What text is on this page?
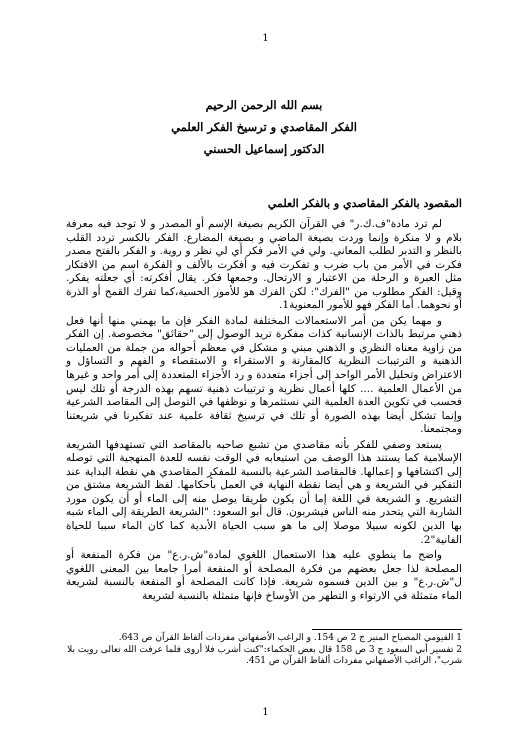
1
بسم الله الرحمن الرحيم
الفكر المقاصدي و ترسيخ الفكر العلمي
الدكتور إسماعيل الحسني
المقصود بالفكر المقاصدي و بالفكر العلمي

لم ترد مادة"ف.ك.ر" في القرآن الكريم بصيغة الإسم أو المصدر و لا توجد فيه معرفة بلام و لا منكرة وإنما وردت بصيغة الماضي و بصيغة المضارع. الفكر بالكسر تردد القلب بالنظر و التدبر لطلب المعاني. ولي في الأمر فكر أي لي نظر و روية. و الفكر بالفتح مصدر فكرت في الأمر من باب ضرب و تفكرت فيه و أفكرت بالألف و الفكرة اسم من الافتكار مثل العبرة و الرحلة من الاعتبار و الارتحال. وجمعها فكر. يقال أفكرته: أي جعلته يفكر. وقيل: الفكر مطلوب من "الفرك": لكن الفرك هو للأمور الحسية،كما تفرك القمح أو الذرة أو نحوهما. أما الفكر فهو للأمور المعنوية1.

و مهما يكن من أمر الاستعمالات المختلفة لمادة الفكر فإن ما يهمني منها أنها فعل ذهني مرتبط بالذات الإنسانية كذات مفكرة تريد الوصول إلى "حقائق" مخصوصة. إن الفكر من زاوية معناه النظري و الذهني مبني و مشكل في معظم أحواله من جملة من العمليات الذهنية و الترتيبات النظرية كالمقارنة و الاستقراء و الاستقصاء و الفهم و التساؤل و الاعتراض وتحليل الأمر الواحد إلى أجزاء متعددة و رد الأجزاء المتعددة إلى أمر واحد و غيرها من الأعمال العلمية .... كلها أعمال نظرية و ترتيبات ذهنية تسهم بهذه الدرجة أو تلك ليس فحسب في تكوين العدة العلمية التي نستثمرها و نوظفها في التوصل إلى المقاصد الشرعية وإنما تشكل أيضا بهذه الصورة أو تلك في ترسيخ ثقافة علمية عند تفكيرنا في شريعتنا ومجتمعنا.

يستعد وصفي للفكر بأنه مقاصدي من تشبع صاحبه بالمقاصد التي تستهدفها الشريعة الإسلامية كما يستند هذا الوصف من استيعابه في الوقت نفسه للعدة المنهجية التي توصله إلى اكتشافها و إعمالها. فالمقاصد الشرعية بالنسبة للمفكر المقاصدي هي نقطة البداية عند التفكير في الشريعة و هي أيضا نقطة النهاية في العمل بأحكامها. لفظ الشريعة مشتق من التشريع. و الشريعة في اللغة إما أن يكون طريقا يوصل منه إلى الماء أو أن يكون مورد الشاربة التي يتحدر منه الناس فيشربون. قال أبو السعود: "الشريعة الطريقة إلى الماء شبه بها الدين لكونه سبيلا موصلا إلى ما هو سبب الحياة الأبدية كما كان الماء سببا للحياة الفانية"2.

واضح ما ينطوي عليه هذا الاستعمال اللغوي لمادة"ش.ر.ع" من فكرة المنفعة أو المصلحة لذا جعل بعضهم من فكرة المصلحة أو المنفعة أمرا جامعا بين المعنى اللغوي ل"ش.ر.ع" و بين الدين فسموه شريعة. فإذا كانت المصلحة أو المنفعة بالنسبة لشريعة الماء متمثلة في الارتواء و التطهر من الأوساخ فإنها متمثلة بالنسبة لشريعة

1 الفيومي المصباح المنير ج 2 ص 154. و الراغب الأصفهاني مفردات ألفاظ القرآن ص 643.

2 تفسير أبي السعود ج 3 ص 158 قال بعض الحكماء:"كنت أشرب فلا أروى فلما عرفت الله تعالى رويت بلا شرب"، الراغب الأصفهاني مفردات ألفاظ القرآن ص 451.

1
